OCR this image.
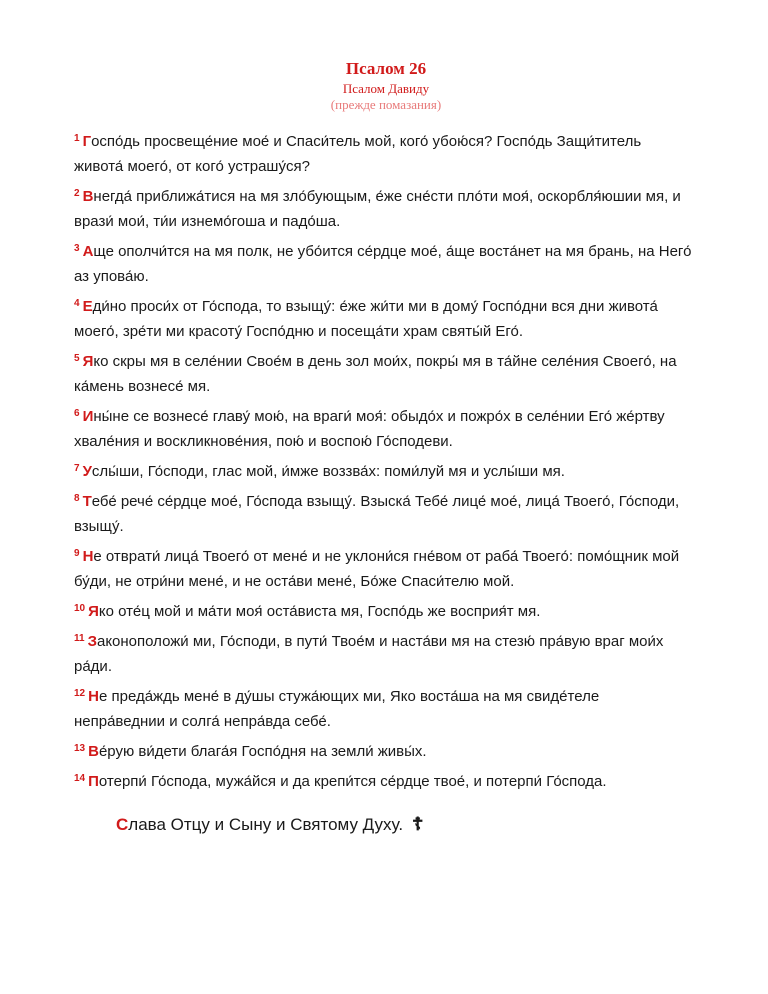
Псалом 26
Псалом Давиду
(прежде помазания)
$^1$ Госпо́дь просвеще́ние мое́ и Спаси́тель мой, кого́ убою́ся? Госпо́дь Защи́титель живота́ моего́, от кого́ устрашу́ся?
$^2$ Внегда́ приближа́тися на мя зло́бующым, е́же сне́сти пло́ти моя́, оскорбля́юшии мя, и врази́ мои́, ти́и изнемо́гоша и падо́ша.
$^3$ Аще ополчи́тся на мя полк, не убо́ится се́рдце мое́, а́ще воста́нет на мя брань, на Него́ аз упова́ю.
$^4$ Еди́но проси́х от Го́спода, то взыщу́: е́же жи́ти ми в дому́ Госпо́дни вся дни живота́ моего́, зре́ти ми красоту́ Госпо́дню и посеща́ти храм святы́й Его́.
$^5$ Яко скры мя в селе́нии Свое́м в день зол мои́х, покры́ мя в та́йне селе́ния Своего́, на ка́мень вознесе́ мя.
$^6$ Ины́не се вознесе́ главу́ мою́, на враги́ моя́: обыдо́х и пожро́х в селе́нии Его́ же́ртву хвале́ния и воскликнове́ния, пою́ и воспою́ Го́сподеви.
$^7$ Услы́ши, Го́споди, глас мой, и́мже воззва́х: поми́луй мя и услы́ши мя.
$^8$ Тебе́ рече́ се́рдце мое́, Го́спода взыщу́. Взыска́ Тебе́ лице́ мое́, лица́ Твоего́, Го́споди, взыщу́.
$^9$ Не отврати́ лица́ Твоего́ от мене́ и не уклони́ся гне́вом от раба́ Твоего́: помо́щник мой бу́ди, не отри́ни мене́, и не оста́ви мене́, Бо́же Спаси́телю мой.
$^{10}$ Яко оте́ц мой и ма́ти моя́ оста́виста мя, Госпо́дь же восприя́т мя.
$^{11}$ Законоположи́ ми, Го́споди, в пути́ Твое́м и наста́ви мя на стезю́ пра́вую враг мои́х ра́ди.
$^{12}$ Не преда́ждь мене́ в ду́шы стужа́ющих ми, Яко воста́ша на мя свиде́теле непра́веднии и солга́ непра́вда себе́.
$^{13}$ Ве́рую ви́дети блага́я Госпо́дня на земли́ живы́х.
$^{14}$ Потерпи́ Го́спода, мужа́йся и да крепи́тся се́рдце твое́, и потерпи́ Го́спода.
Слава Отцу и Сыну и Святому Духу. ☦
